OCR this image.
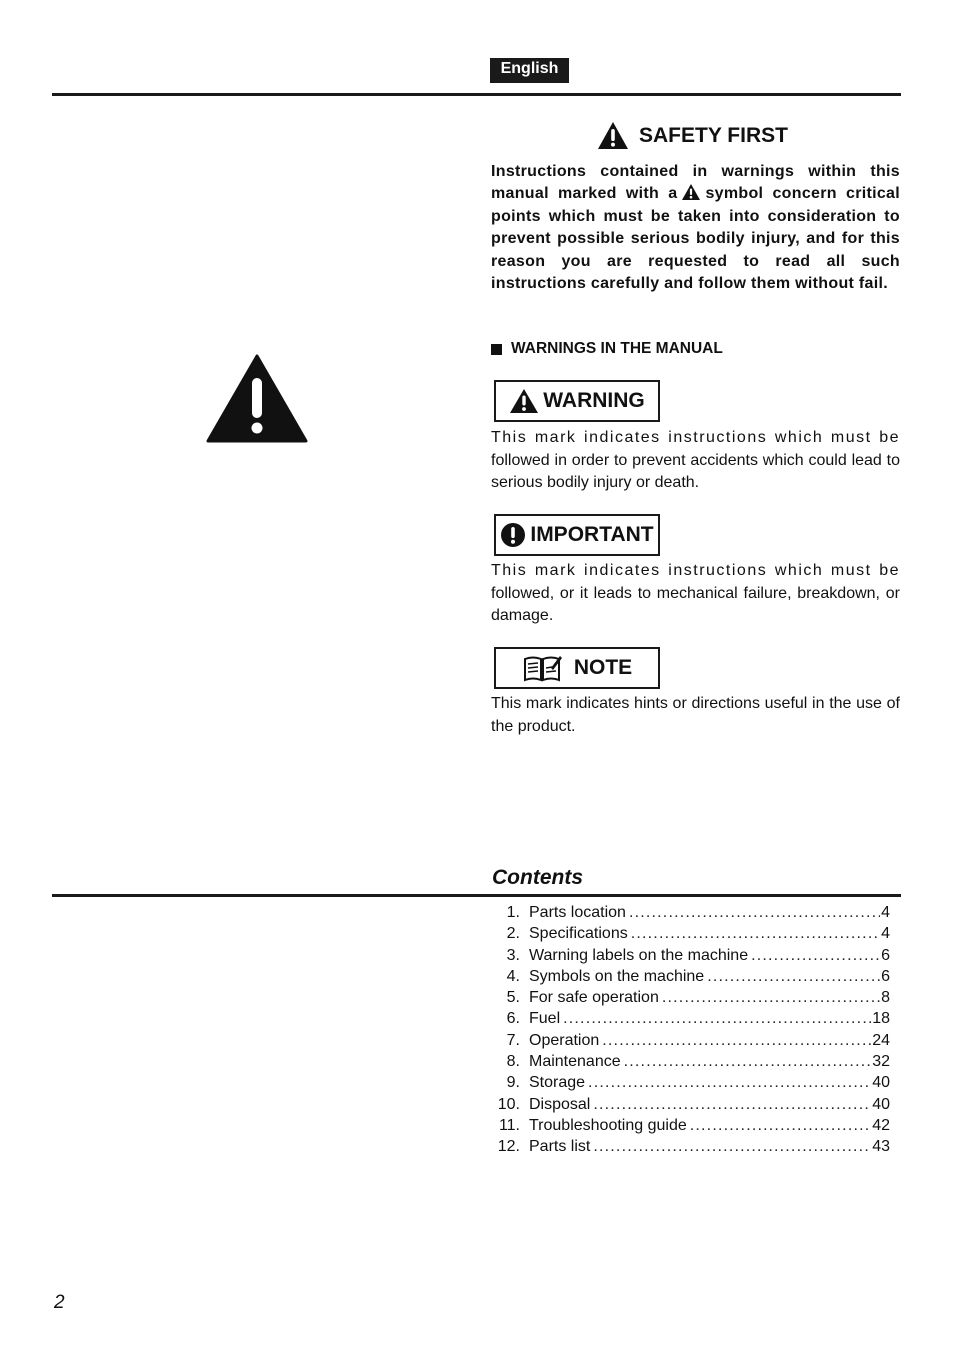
English
SAFETY FIRST
Instructions contained in warnings within this manual marked with a symbol concern critical points which must be taken into consideration to prevent possible serious bodily injury, and for this reason you are requested to read all such instructions carefully and follow them without fail.
WARNINGS IN THE MANUAL
WARNING
This mark indicates instructions which must be followed in order to prevent accidents which could lead to serious bodily injury or death.
IMPORTANT
This mark indicates instructions which must be followed, or it leads to mechanical failure, breakdown, or damage.
NOTE
This mark indicates hints or directions useful in the use of the product.
Contents
1. Parts location .....	4
2. Specifications .....	4
3. Warning labels on the machine .....	6
4. Symbols on the machine .....	6
5. For safe operation .....	8
6. Fuel .....	18
7. Operation .....	24
8. Maintenance .....	32
9. Storage .....	40
10. Disposal .....	40
11. Troubleshooting guide .....	42
12. Parts list .....	43
2
